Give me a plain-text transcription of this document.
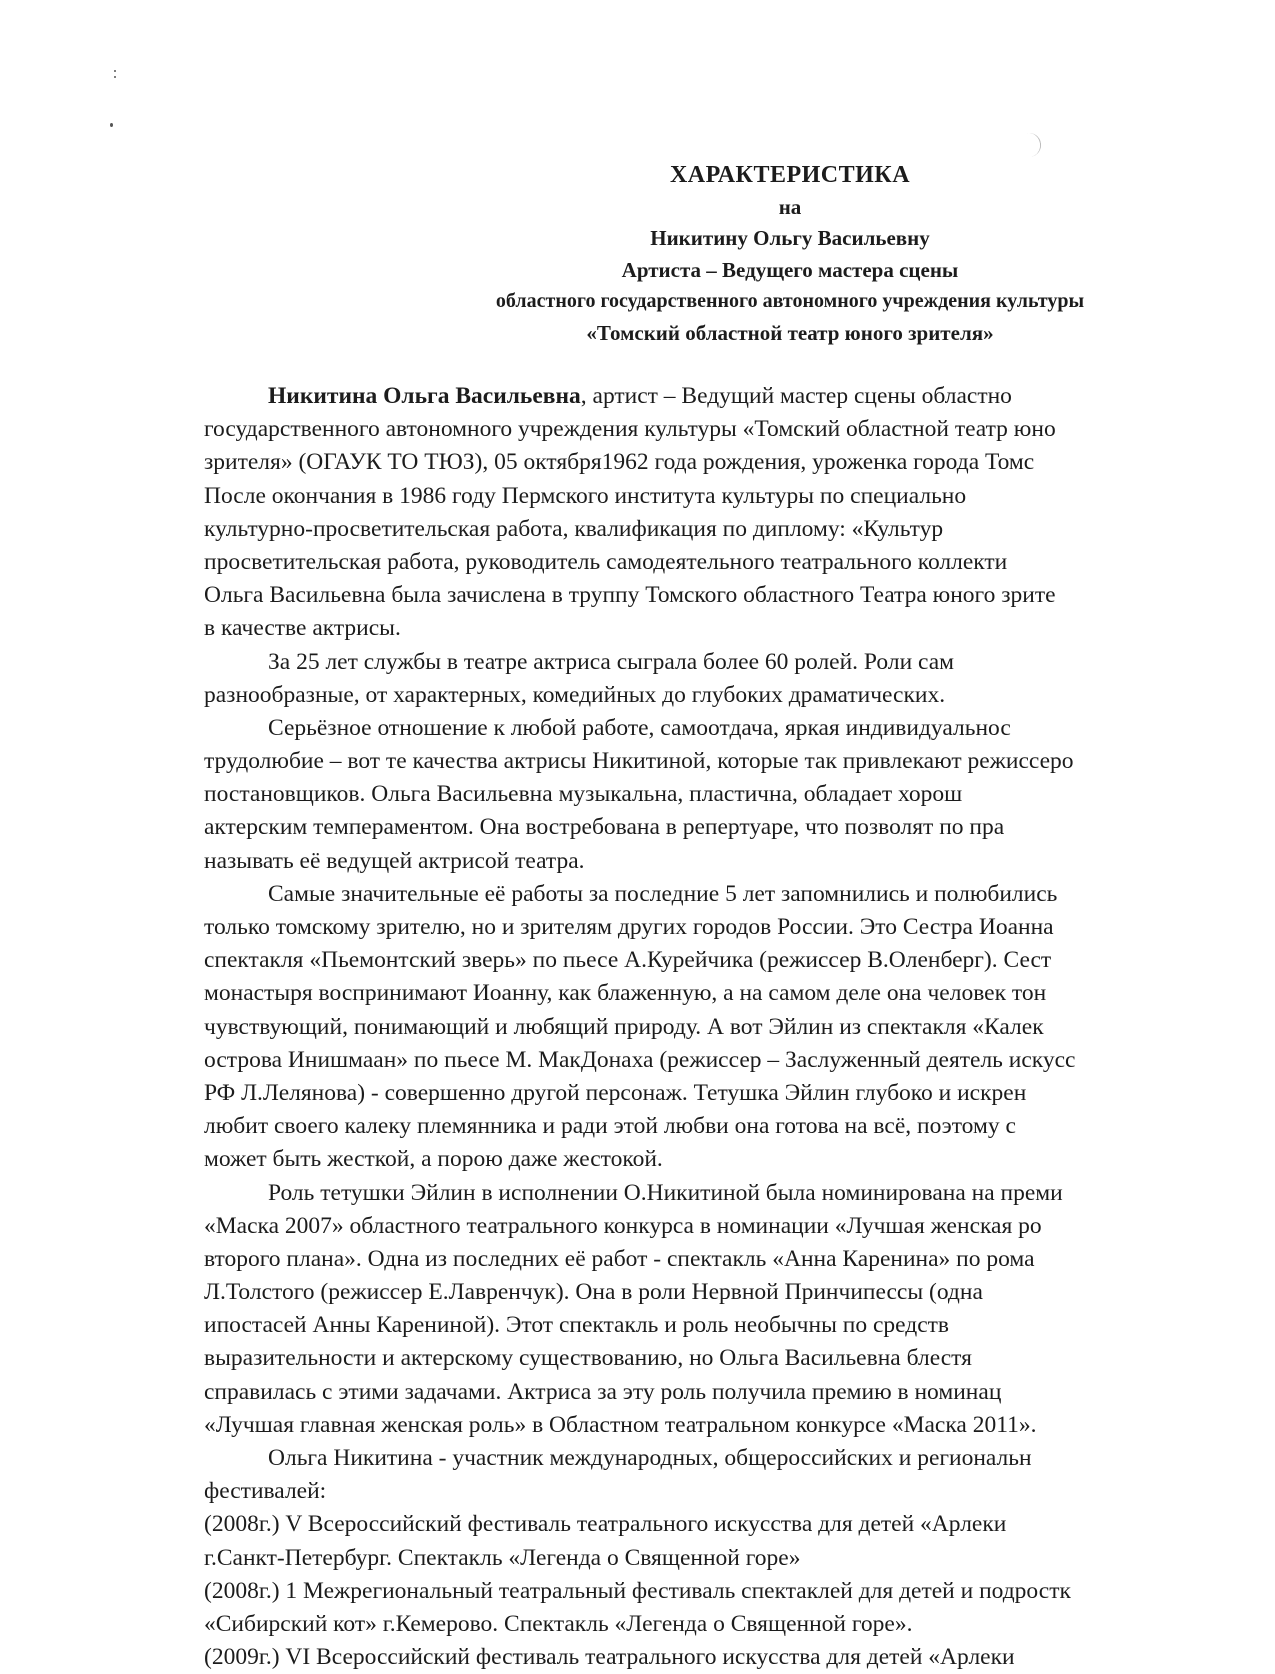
ХАРАКТЕРИСТИКА
на
Никитину Ольгу Васильевну
Артиста – Ведущего мастера сцены
областного государственного автономного учреждения культуры
«Томский областной театр юного зрителя»
Никитина Ольга Васильевна, артист – Ведущий мастер сцены областно
государственного автономного учреждения культуры «Томский областной театр юно
зрителя» (ОГАУК ТО ТЮЗ), 05 октября1962 года рождения, уроженка города Томс
После окончания в 1986 году Пермского института культуры по специально
культурно-просветительская работа, квалификация по диплому: «Культур
просветительская работа, руководитель самодеятельного театрального коллекти
Ольга Васильевна была зачислена в труппу Томского областного Театра юного зрите
в качестве актрисы.
За 25 лет службы в театре актриса сыграла более 60 ролей. Роли сам
разнообразные, от характерных, комедийных до глубоких драматических.
Серьёзное отношение к любой работе, самоотдача, яркая индивидуальнос
трудолюбие – вот те качества актрисы Никитиной, которые так привлекают режиссеро
постановщиков. Ольга Васильевна музыкальна, пластична, обладает хорош
актерским темпераментом. Она востребована в репертуаре, что позволят по пра
называть её ведущей актрисой театра.
Самые значительные её работы за последние 5 лет запомнились и полюбились
только томскому зрителю, но и зрителям других городов России. Это Сестра Иоанна
спектакля «Пьемонтский зверь» по пьесе А.Курейчика (режиссер В.Оленберг). Сест
монастыря воспринимают Иоанну, как блаженную, а на самом деле она человек тон
чувствующий, понимающий и любящий природу. А вот Эйлин из спектакля «Калек
острова Инишмаан» по пьесе М. МакДонаха (режиссер – Заслуженный деятель искусс
РФ Л.Лелянова) - совершенно другой персонаж. Тетушка Эйлин глубоко и искрен
любит своего калеку племянника и ради этой любви она готова на всё, поэтому с
может быть жесткой, а порою даже жестокой.
Роль тетушки Эйлин в исполнении О.Никитиной была номинирована на преми
«Маска 2007» областного театрального конкурса в номинации «Лучшая женская ро
второго плана». Одна из последних её работ - спектакль «Анна Каренина» по рома
Л.Толстого (режиссер Е.Лавренчук). Она в роли Нервной Принчипессы (одна
ипостасей Анны Карениной). Этот спектакль и роль необычны по средств
выразительности и актерскому существованию, но Ольга Васильевна блестя
справилась с этими задачами. Актриса за эту роль получила премию в номинац
«Лучшая главная женская роль» в Областном театральном конкурсе «Маска 2011».
Ольга Никитина - участник международных, общероссийских и региональн
фестивалей:
(2008г.) V Всероссийский фестиваль театрального искусства для детей «Арлеки
г.Санкт-Петербург. Спектакль «Легенда о Священной горе»
(2008г.) 1 Межрегиональный театральный фестиваль спектаклей для детей и подростк
«Сибирский кот» г.Кемерово. Спектакль «Легенда о Священной горе».
(2009г.) VI Всероссийский фестиваль театрального искусства для детей «Арлеки
